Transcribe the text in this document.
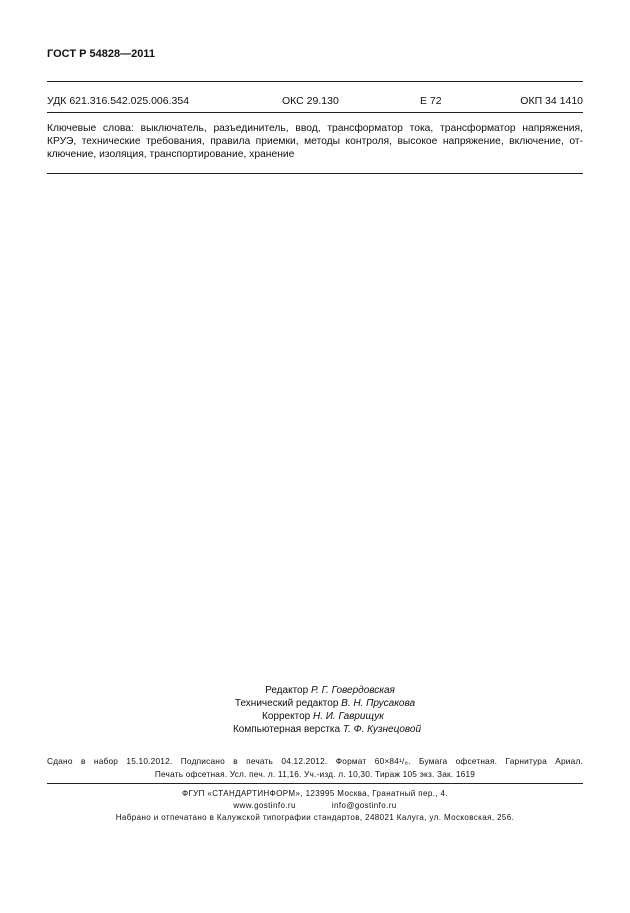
ГОСТ Р 54828—2011
УДК 621.316.542.025.006.354	ОКС 29.130	Е 72	ОКП 34 1410
Ключевые слова: выключатель, разъединитель, ввод, трансформатор тока, трансформатор напряжения,
КРУЭ, технические требования, правила приемки, методы контроля, высокое напряжение, включение, от-
ключение, изоляция, транспортирование, хранение
Редактор Р. Г. Говердовская
Технический редактор В. Н. Прусакова
Корректор Н. И. Гаврищук
Компьютерная верстка Т. Ф. Кузнецовой
Сдано в набор 15.10.2012. Подписано в печать 04.12.2012. Формат 60×84¹/₈. Бумага офсетная. Гарнитура Ариал.
Печать офсетная. Усл. печ. л. 11,16. Уч.-изд. л. 10,30. Тираж 105 экз. Зак. 1619
ФГУП «СТАНДАРТИНФОРМ», 123995 Москва, Гранатный пер., 4.
www.gostinfo.ru	info@gostinfo.ru
Набрано и отпечатано в Калужской типографии стандартов, 248021 Калуга, ул. Московская, 256.
